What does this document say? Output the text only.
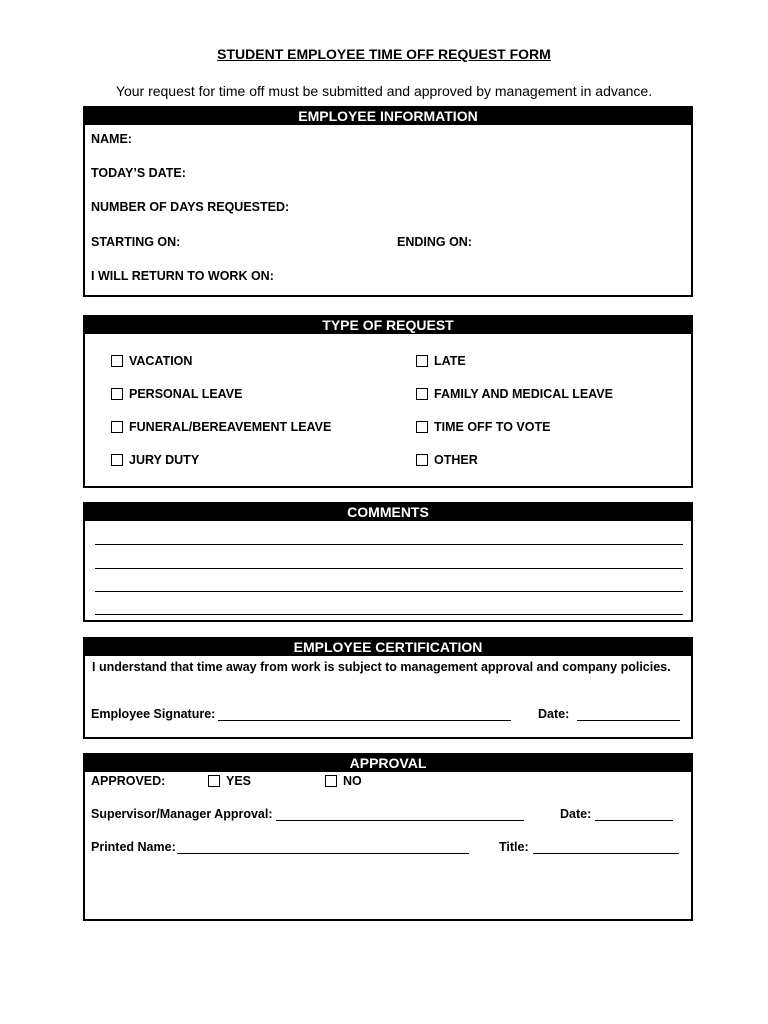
STUDENT EMPLOYEE TIME OFF REQUEST FORM
Your request for time off must be submitted and approved by management in advance.
EMPLOYEE INFORMATION
NAME:
TODAY’S DATE:
NUMBER OF DAYS REQUESTED:
STARTING ON:	ENDING ON:
I WILL RETURN TO WORK ON:
TYPE OF REQUEST
VACATION	LATE
PERSONAL LEAVE	FAMILY AND MEDICAL LEAVE
FUNERAL/BEREAVEMENT LEAVE	TIME OFF TO VOTE
JURY DUTY	OTHER
COMMENTS
EMPLOYEE CERTIFICATION
I understand that time away from work is subject to management approval and company policies.
Employee Signature:	Date:
APPROVAL
APPROVED:	YES	NO
Supervisor/Manager Approval:	Date:
Printed Name:	Title:
